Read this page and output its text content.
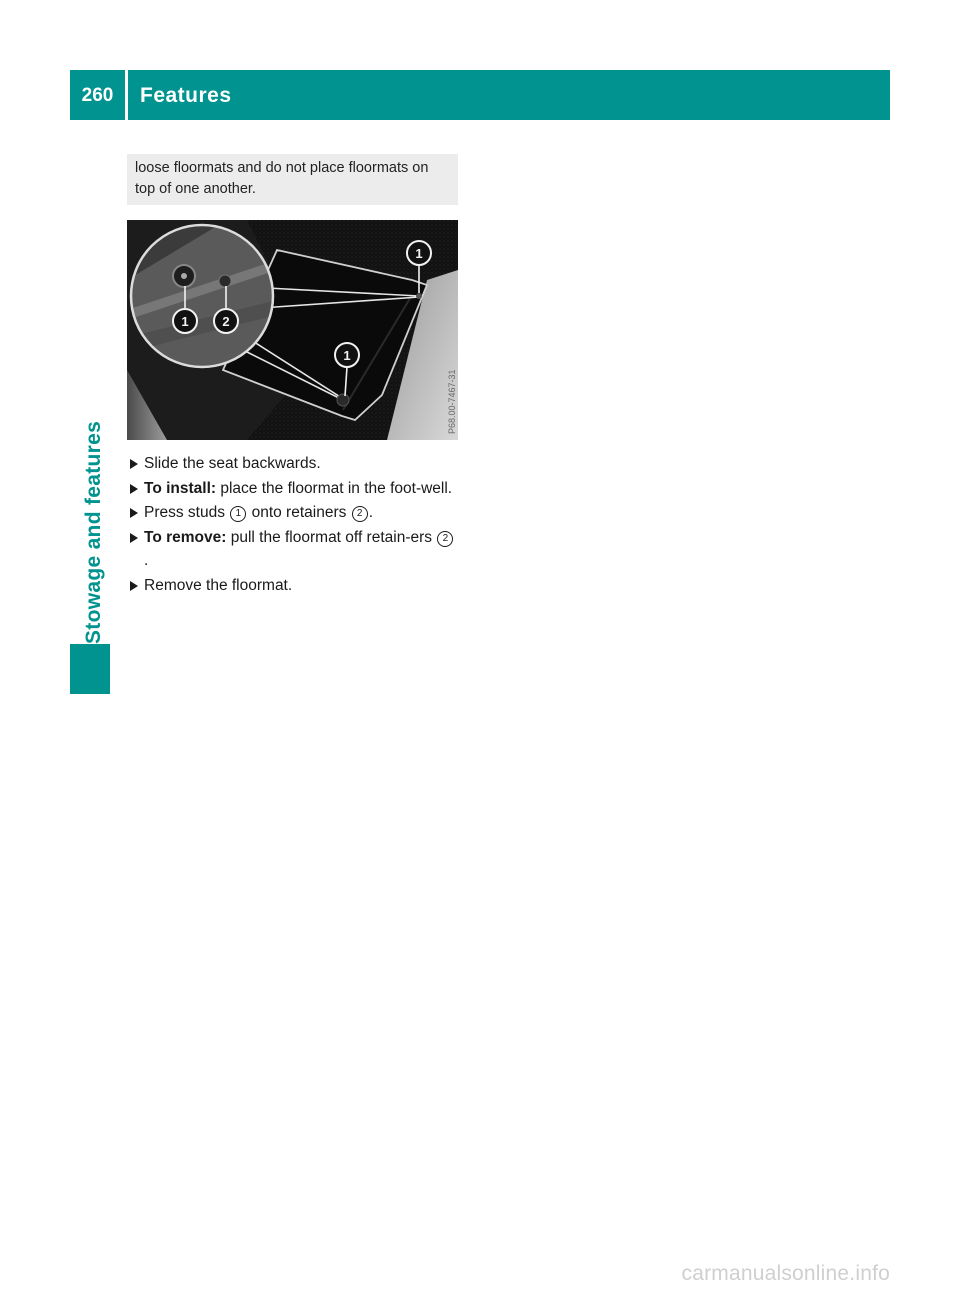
260	Features
Stowage and features
loose floormats and do not place floormats on top of one another.
1	2
1
1
P68.00-7467-31
Slide the seat backwards.
To install: place the floormat in the foot-well.
Press studs 1 onto retainers 2 .
To remove: pull the floormat off retain-ers 2.
Remove the floormat.
carmanualsonline.info
